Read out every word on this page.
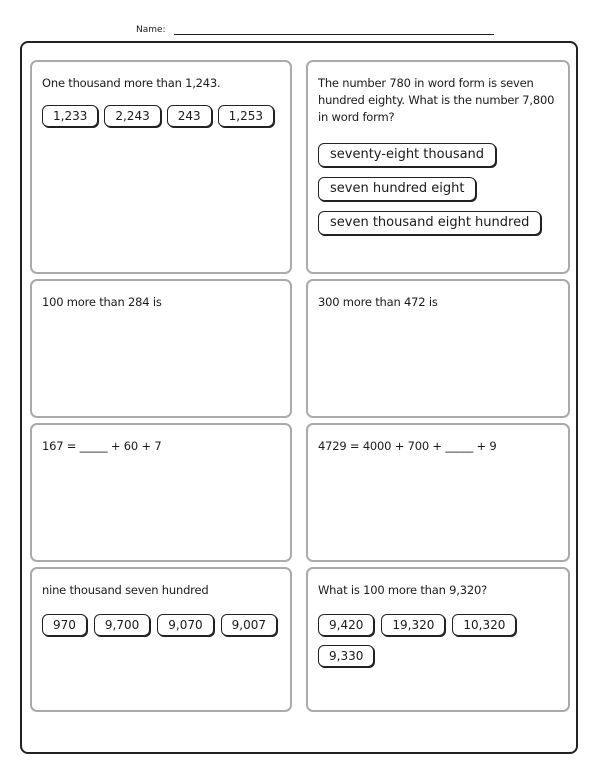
Name:
One thousand more than 1,243.
1,233	2,243	243	1,253
The number 780 in word form is seven hundred eighty. What is the number 7,800 in word form?
seventy-eight thousand
seven hundred eight
seven thousand eight hundred
100 more than 284 is	300 more than 472 is
167 = _____ + 60 + 7	4729 = 4000 + 700 + _____ + 9
nine thousand seven hundred
970	9,700	9,070	9,007
What is 100 more than 9,320?
9,420	19,320	10,320
9,330
